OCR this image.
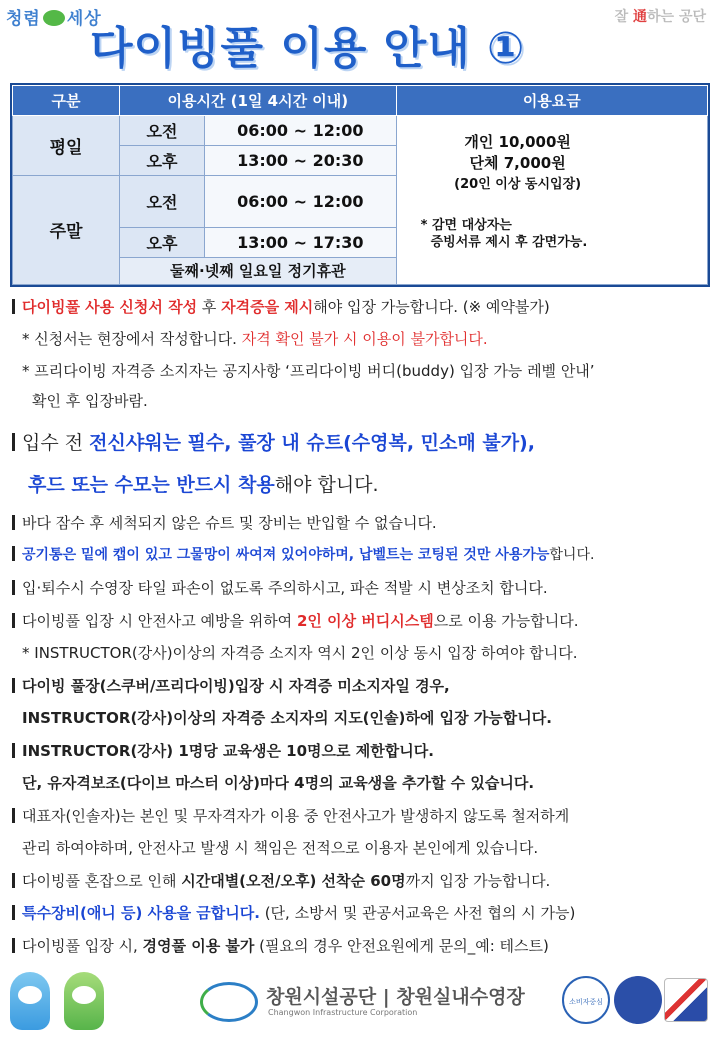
청렴 세상
다이빙풀 이용 안내 ①
잘 通하는 공단
구분	이용시간 (1일 4시간 이내)		이용요금
평일	오전	06:00 ~ 12:00	개인 10,000원
단체 7,000원
(20인 이상 동시입장)
* 감면 대상자는
증빙서류 제시 후 감면가능.

	오후	13:00 ~ 20:30	
주말	오전	06:00 ~ 12:00	
	오후	13:00 ~ 17:30	
	둘째·넷째 일요일 정기휴관		
다이빙풀 사용 신청서 작성 후 자격증을 제시해야 입장 가능합니다. (※ 예약불가)
* 신청서는 현장에서 작성합니다. 자격 확인 불가 시 이용이 불가합니다.
* 프리다이빙 자격증 소지자는 공지사항 ‘프리다이빙 버디(buddy) 입장 가능 레벨 안내’
확인 후 입장바람.
입수 전 전신샤워는 필수, 풀장 내 슈트(수영복, 민소매 불가),
후드 또는 수모는 반드시 착용해야 합니다.
바다 잠수 후 세척되지 않은 슈트 및 장비는 반입할 수 없습니다.
공기통은 밑에 캡이 있고 그물망이 싸여져 있어야하며, 납벨트는 코팅된 것만 사용가능합니다.
입·퇴수시 수영장 타일 파손이 없도록 주의하시고, 파손 적발 시 변상조치 합니다.
다이빙풀 입장 시 안전사고 예방을 위하여 2인 이상 버디시스템으로 이용 가능합니다.
* INSTRUCTOR(강사)이상의 자격증 소지자 역시 2인 이상 동시 입장 하여야 합니다.
다이빙 풀장(스쿠버/프리다이빙)입장 시 자격증 미소지자일 경우,
INSTRUCTOR(강사)이상의 자격증 소지자의 지도(인솔)하에 입장 가능합니다.
INSTRUCTOR(강사) 1명당 교육생은 10명으로 제한합니다.
단, 유자격보조(다이브 마스터 이상)마다 4명의 교육생을 추가할 수 있습니다.
대표자(인솔자)는 본인 및 무자격자가 이용 중 안전사고가 발생하지 않도록 철저하게
관리 하여야하며, 안전사고 발생 시 책임은 전적으로 이용자 본인에게 있습니다.
다이빙풀 혼잡으로 인해 시간대별(오전/오후) 선착순 60명까지 입장 가능합니다.
특수장비(애니 등) 사용을 금합니다. (단, 소방서 및 관공서교육은 사전 협의 시 가능)
다이빙풀 입장 시, 경영풀 이용 불가 (필요의 경우 안전요원에게 문의_예: 테스트)
창원시설공단 | 창원실내수영장
Changwon Infrastructure Corporation
소비자중심
